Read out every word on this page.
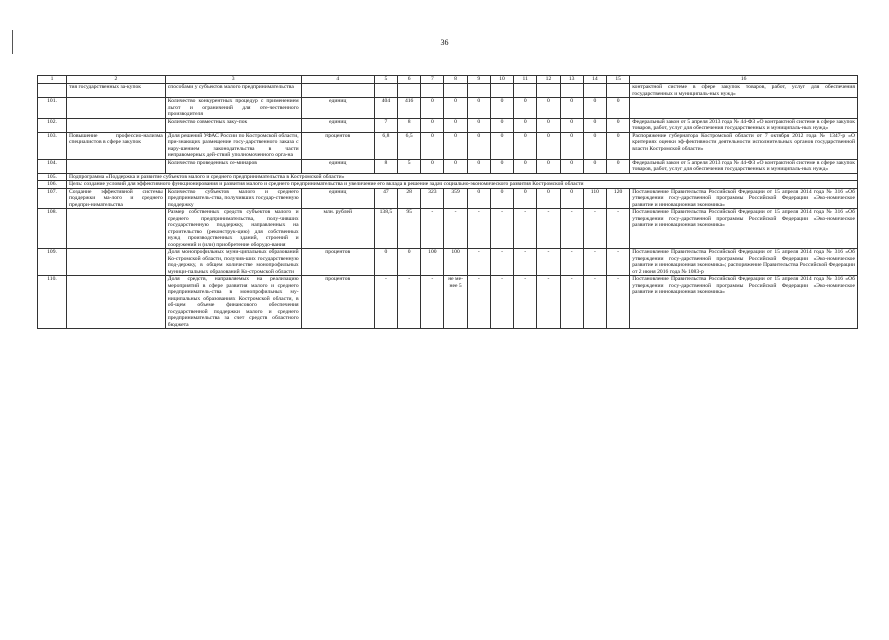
36
1	2	3	4	5	6	7	8	9	10	11	12	13	14	15	16
	тия государственных за-купок	способами у субъектов малого предпринимательства													контрактной системе в сфере закупок товаров, работ, услуг для обеспечения государственных и муниципаль-ных нужд»
101.		Количество конкурентных процедур с применением льгот и ограничений для оте-чественного производителя	единиц	404	416	0	0	0	0	0	0	0	0	0	
102.		Количество совместных заку-пок	единиц	7	8	0	0	0	0	0	0	0	0	0	Федеральный закон от 5 апреля 2013 года № 44-ФЗ «О контрактной системе в сфере закупок товаров, работ, услуг для обеспечения государственных и муниципаль-ных нужд»
103.	Повышение профессио-нализма специалистов в сфере закупок	Доля решений УФАС России по Костромской области, при-знающих размещение госу-дарственного заказа с нару-шением законодательства в части неправомерных дей-ствий уполномоченного орга-на	процентов	6,8	6,5	0	0	0	0	0	0	0	0	0	Распоряжение губернатора Костромской области от 7 октября 2012 года № 1347-р «О критериях оценки эф-фективности деятельности исполнительных органов государственной власти Костромской области»
104.		Количество проведенных се-минаров	единиц	8	5	0	0	0	0	0	0	0	0	0	Федеральный закон от 5 апреля 2013 года № 44-ФЗ «О контрактной системе в сфере закупок товаров, работ, услуг для обеспечения государственных и муниципаль-ных нужд»
105.	Подпрограмма «Поддержка и развитие субъектов малого и среднего предпринимательства в Костромской области»														
106.	Цель: создание условий для эффективного функционирования и развития малого и среднего предпринимательства и увеличение его вклада в решение задач социально-экономического развития Костромской области														
107.	Создание эффективной системы поддержки ма-лого и среднего предпри-нимательства	Количество субъектов малого и среднего предприниматель-ства, получивших государ-ственную поддержку	единиц	47	28	323	359	0	0	0	0	0	110	120	Постановление Правительства Российской Федерации от 15 апреля 2014 года № 316 «Об утверждении госу-дарственной программы Российской Федерации «Эко-номическое развитие и инновационная экономика»
108.		Размер собственных средств субъектов малого и среднего предпринимательства, полу-чивших государственную поддержку, направленных на строительство (реконструк-цию) для собственных нужд производственных зданий, строений и сооружений и (или) приобретение оборудо-вания	млн. рублей	138,5	95	-	-	-	-	-	-	-	-	-	Постановление Правительства Российской Федерации от 15 апреля 2014 года № 316 «Об утверждении госу-дарственной программы Российской Федерации «Эко-номическое развитие и инновационная экономика»
109.		Доля монопрофильных муни-ципальных образований Ко-стромской области, получив-ших государственную под-держку, в общем количестве монопрофильных муници-пальных образований Ко-стромской области	процентов	0	0	100	100	-	-	-	-	-	-	-	Постановление Правительства Российской Федерации от 15 апреля 2014 года № 316 «Об утверждении госу-дарственной программы Российской Федерации «Эко-номическое развитие и инновационная экономика»; распоряжение Правительства Российской Федерации от 2 июня 2016 года № 1083-р
110.		Доля средств, направляемых на реализацию мероприятий в сфере развития малого и среднего предприниматель-ства в монопрофильных му-ниципальных образованиях Костромской области, в об-щем объеме финансового обеспечения государственной поддержки малого и среднего предпринимательства за счет средств областного бюджета	процентов	-	-	-	не ме-нее 5	-	-	-	-	-	-	-	Постановление Правительства Российской Федерации от 15 апреля 2014 года № 316 «Об утверждении госу-дарственной программы Российской Федерации «Эко-номическое развитие и инновационная экономика»
